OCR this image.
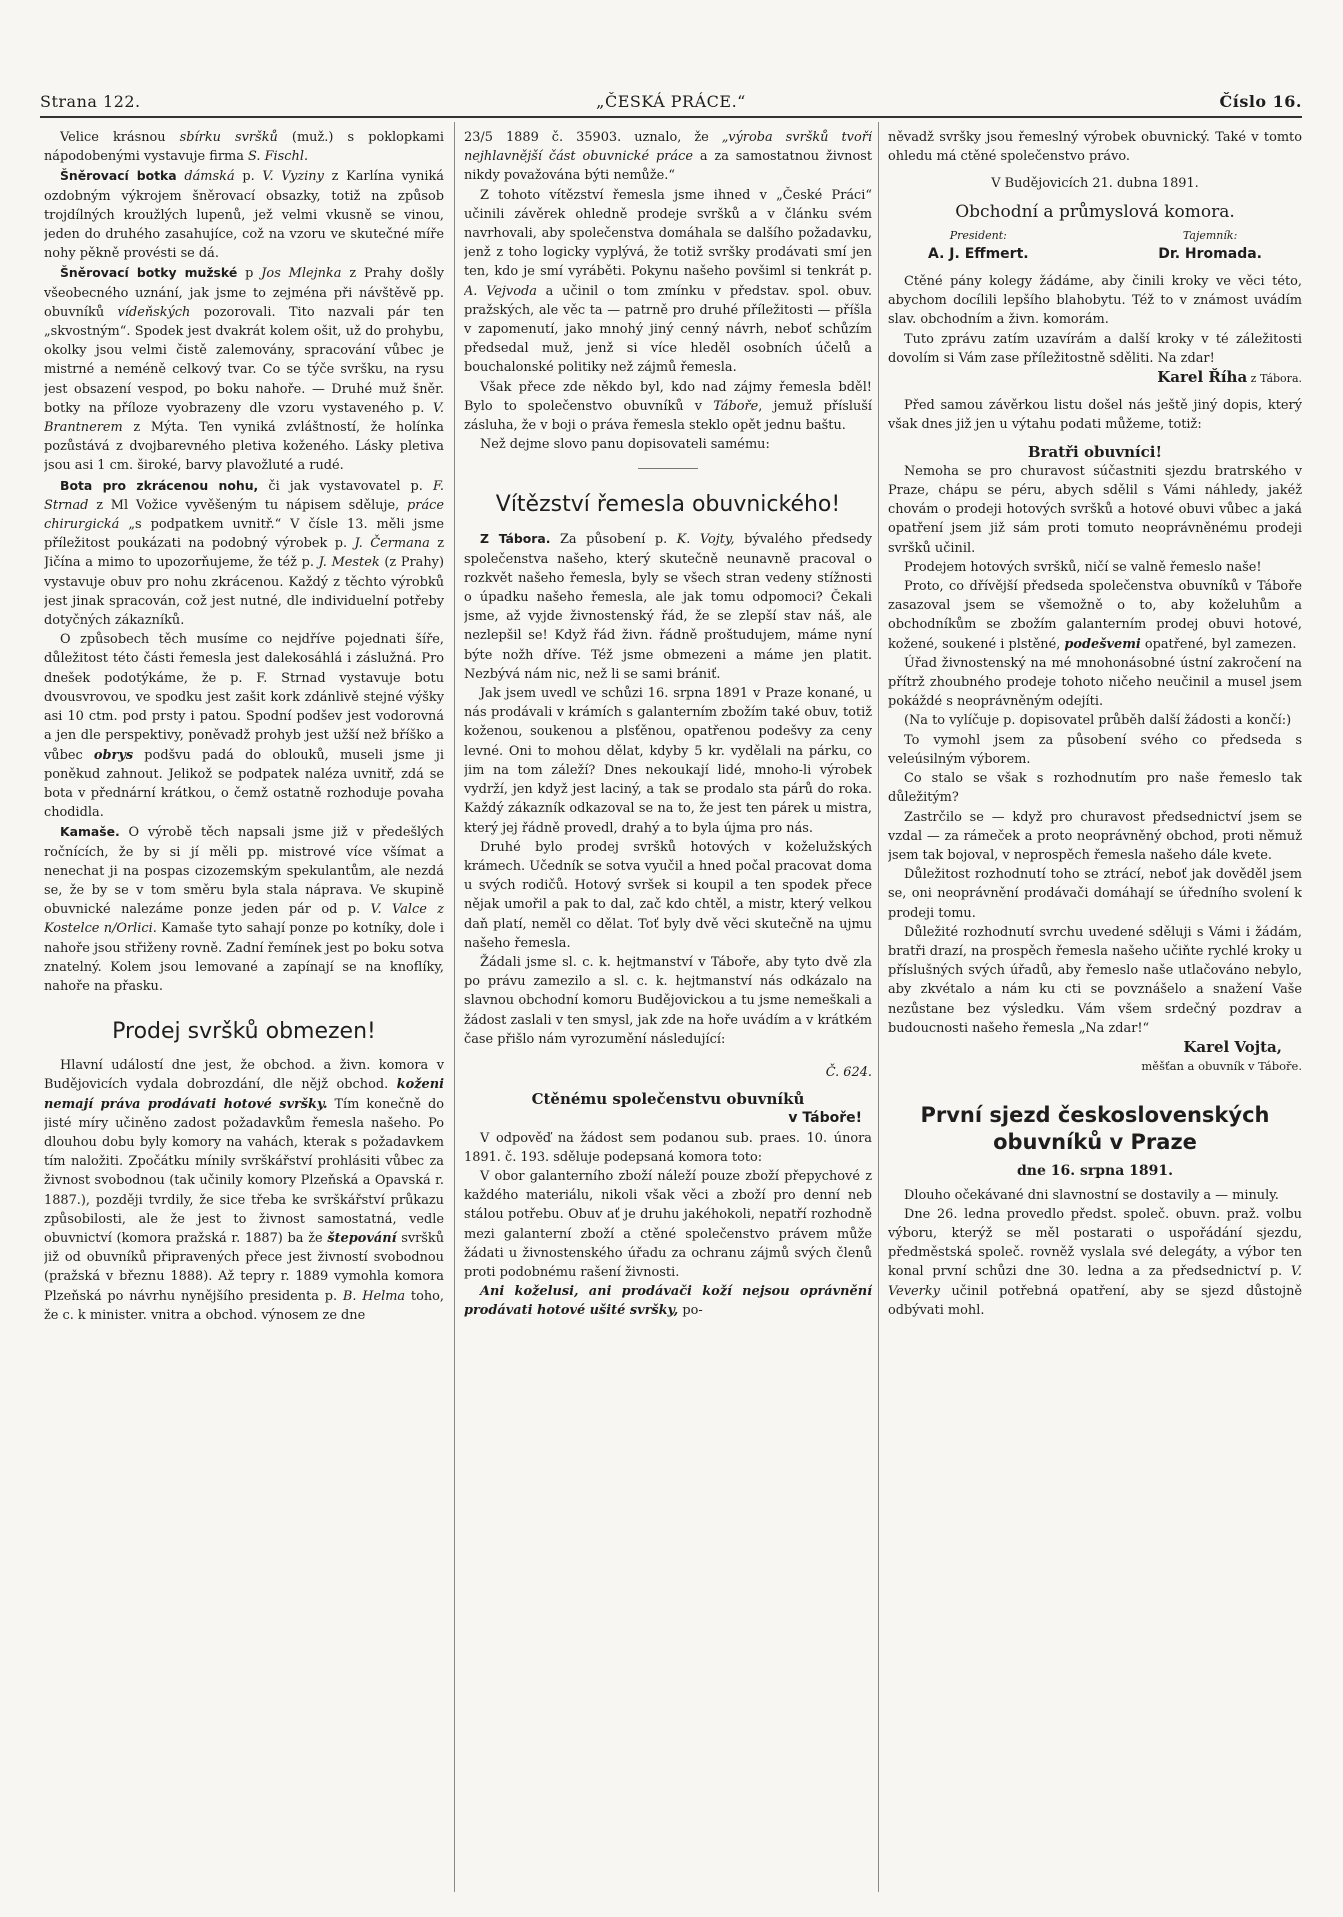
Strana 122.	„ČESKÁ PRÁCE.“	Číslo 16.

Velice krásnou sbírku svršků (muž.) s poklopkami nápodobenými vystavuje firma S. Fischl.

Šněrovací botka dámská p. V. Vyziny z Karlína vyniká ozdobným výkrojem šněrovací obsazky, totiž na způsob trojdílných kroužlých lupenů, jež velmi vkusně se vinou, jeden do druhého zasahujíce, což na vzoru ve skutečné míře nohy pěkně provésti se dá.

Šněrovací botky mužské p Jos Mlejnka z Prahy došly všeobecného uznání, jak jsme to zejména při návštěvě pp. obuvníků vídeňských pozorovali. Tito nazvali pár ten „skvostným“. Spodek jest dvakrát kolem ošit, už do prohybu, okolky jsou velmi čistě zalemovány, spracování vůbec je mistrné a neméně celkový tvar. Co se týče svršku, na rysu jest obsazení vespod, po boku nahoře. — Druhé muž šněr. botky na příloze vyobrazeny dle vzoru vystaveného p. V. Brantnerem z Mýta. Ten vyniká zvláštností, že holínka pozůstává z dvojbarevného pletiva koženého. Lásky pletiva jsou asi 1 cm. široké, barvy plavožluté a rudé.

Bota pro zkrácenou nohu, či jak vystavovatel p. F. Strnad z Ml Vožice vyvěšeným tu nápisem sděluje, práce chirurgická „s podpatkem uvnitř.“ V čísle 13. měli jsme příležitost poukázati na podobný výrobek p. J. Čermana z Jičína a mimo to upozorňujeme, že též p. J. Mestek (z Prahy) vystavuje obuv pro nohu zkrácenou. Každý z těchto výrobků jest jinak spracován, což jest nutné, dle individuelní potřeby dotyčných zákazníků.

O způsobech těch musíme co nejdříve pojednati šíře, důležitost této části řemesla jest dalekosáhlá i záslužná. Pro dnešek podotýkáme, že p. F. Strnad vystavuje botu dvousvrovou, ve spodku jest zašit kork zdánlivě stejné výšky asi 10 ctm. pod prsty i patou. Spodní podšev jest vodorovná a jen dle perspektivy, poněvadž prohyb jest užší než bříško a vůbec obrys podšvu padá do oblouků, museli jsme ji poněkud zahnout. Jelikož se podpatek naléza uvnitř, zdá se bota v přednární krátkou, o čemž ostatně rozhoduje povaha chodidla.

Kamaše. O výrobě těch napsali jsme již v předešlých ročnících, že by si jí měli pp. mistrové více všímat a nenechat ji na pospas cizozemským spekulantům, ale nezdá se, že by se v tom směru byla stala náprava. Ve skupině obuvnické nalezáme ponze jeden pár od p. V. Valce z Kostelce n/Orlici. Kamaše tyto sahají ponze po kotníky, dole i nahoře jsou střiženy rovně. Zadní řemínek jest po boku sotva znatelný. Kolem jsou lemované a zapínají se na knoflíky, nahoře na přasku.

Prodej svršků obmezen!

Hlavní událostí dne jest, že obchod. a živn. komora v Budějovicích vydala dobrozdání, dle nějž obchod. koženi nemají práva prodávati hotové svršky. Tím konečně do jisté míry učiněno zadost požadavkům řemesla našeho. Po dlouhou dobu byly komory na vahách, kterak s požadavkem tím naložiti. Zpočátku mínily svrškářství prohlásiti vůbec za živnost svobodnou (tak učinily komory Plzeňská a Opavská r. 1887.), později tvrdily, že sice třeba ke svrškářství průkazu způsobilosti, ale že jest to živnost samostatná, vedle obuvnictví (komora pražská r. 1887) ba že štepování svršků již od obuvníků připravených přece jest živností svobodnou (pražská v březnu 1888). Až tepry r. 1889 vymohla komora Plzeňská po návrhu nynějšího presidenta p. B. Helma toho, že c. k minister. vnitra a obchod. výnosem ze dne

23/5 1889 č. 35903. uznalo, že „výroba svršků tvoří nejhlavnější část obuvnické práce a za samostatnou živnost nikdy považována býti nemůže.“

Z tohoto vítězství řemesla jsme ihned v „České Práci“ učinili závěrek ohledně prodeje svršků a v článku svém navrhovali, aby společenstva domáhala se dalšího požadavku, jenž z toho logicky vyplývá, že totiž svršky prodávati smí jen ten, kdo je smí vyráběti. Pokynu našeho povšiml si tenkrát p. A. Vejvoda a učinil o tom zmínku v představ. spol. obuv. pražských, ale věc ta — patrně pro druhé příležitosti — příšla v zapomenutí, jako mnohý jiný cenný návrh, neboť schůzím předsedal muž, jenž si více hleděl osobních účelů a bouchalonské politiky než zájmů řemesla.

Však přece zde někdo byl, kdo nad zájmy řemesla bděl! Bylo to společenstvo obuvníků v Táboře, jemuž přísluší zásluha, že v boji o práva řemesla steklo opět jednu baštu.

Než dejme slovo panu dopisovateli samému:

Vítězství řemesla obuvnického!

Z Tábora. Za působení p. K. Vojty, bývalého předsedy společenstva našeho, který skutečně neunavně pracoval o rozkvět našeho řemesla, byly se všech stran vedeny stížnosti o úpadku našeho řemesla, ale jak tomu odpomoci? Čekali jsme, až vyjde živnostenský řád, že se zlepší stav náš, ale nezlepšil se! Když řád živn. řádně proštudujem, máme nyní býte nožh dříve. Též jsme obmezeni a máme jen platit. Nezbývá nám nic, než li se sami brániť.

Jak jsem uvedl ve schůzi 16. srpna 1891 v Praze konané, u nás prodávali v krámích s galanterním zbožím také obuv, totiž koženou, soukenou a plsťěnou, opatřenou podešvy za ceny levné. Oni to mohou dělat, kdyby 5 kr. vydělali na párku, co jim na tom záleží? Dnes nekoukají lidé, mnoho-li výrobek vydrží, jen když jest laciný, a tak se prodalo sta párů do roka. Každý zákazník odkazoval se na to, že jest ten párek u mistra, který jej řádně provedl, drahý a to byla újma pro nás.

Druhé bylo prodej svršků hotových v koželužských krámech. Učedník se sotva vyučil a hned počal pracovat doma u svých rodičů. Hotový svršek si koupil a ten spodek přece nějak umořil a pak to dal, zač kdo chtěl, a mistr, který velkou daň platí, neměl co dělat. Toť byly dvě věci skutečně na ujmu našeho řemesla.

Žádali jsme sl. c. k. hejtmanství v Táboře, aby tyto dvě zla po právu zamezilo a sl. c. k. hejtmanství nás odkázalo na slavnou obchodní komoru Budějovickou a tu jsme nemeškali a žádost zaslali v ten smysl, jak zde na hoře uvádím a v krátkém čase přišlo nám vyrozumění následující:

Č. 624.

Ctěnému společenstvu obuvníků

v Táboře!

V odpověď na žádost sem podanou sub. praes. 10. února 1891. č. 193. sděluje podepsaná komora toto:

V obor galanterního zboží náleží pouze zboží přepychové z každého materiálu, nikoli však věci a zboží pro denní neb stálou potřebu. Obuv ať je druhu jakéhokoli, nepatří rozhodně mezi galanterní zboží a ctěné společenstvo právem může žádati u živnostenského úřadu za ochranu zájmů svých členů proti podobnému rašení živnosti.

Ani koželusi, ani prodávači koží nejsou oprávnění prodávati hotové ušité svršky, po-

něvadž svršky jsou řemeslný výrobek obuvnický. Také v tomto ohledu má ctěné společenstvo právo.

V Budějovicích 21. dubna 1891.

Obchodní a průmyslová komora.

President:
A. J. Effmert.
Tajemník:
Dr. Hromada.

Ctěné pány kolegy žádáme, aby činili kroky ve věci této, abychom docílili lepšího blahobytu. Též to v známost uvádím slav. obchodním a živn. komorám.

Tuto zprávu zatím uzavírám a další kroky v té záležitosti dovolím si Vám zase příležitostně sděliti. Na zdar!

Karel Říha z Tábora.

Před samou závěrkou listu došel nás ještě jiný dopis, který však dnes již jen u výtahu podati můžeme, totiž:

Bratři obuvníci!

Nemoha se pro churavost súčastniti sjezdu bratrského v Praze, chápu se péru, abych sdělil s Vámi náhledy, jakéž chovám o prodeji hotových svršků a hotové obuvi vůbec a jaká opatření jsem již sám proti tomuto neoprávněnému prodeji svršků učinil.

Prodejem hotových svršků, ničí se valně řemeslo naše!

Proto, co dřívější předseda společenstva obuvníků v Táboře zasazoval jsem se všemožně o to, aby koželuhům a obchodníkům se zbožím galanterním prodej obuvi hotové, kožené, soukené i plstěné, podešvemi opatřené, byl zamezen.

Úřad živnostenský na mé mnohonásobné ústní zakročení na přítrž zhoubného prodeje tohoto ničeho neučinil a musel jsem pokáždé s neoprávněným odejíti.

(Na to vylíčuje p. dopisovatel průběh další žádosti a končí:)

To vymohl jsem za působení svého co předseda s veleúsilným výborem.

Co stalo se však s rozhodnutím pro naše řemeslo tak důležitým?

Zastrčilo se — když pro churavost předsednictví jsem se vzdal — za rámeček a proto neoprávněný obchod, proti němuž jsem tak bojoval, v neprospěch řemesla našeho dále kvete.

Důležitost rozhodnutí toho se ztrácí, neboť jak dověděl jsem se, oni neoprávnění prodávači domáhají se úředního svolení k prodeji tomu.

Důležité rozhodnutí svrchu uvedené sděluji s Vámi i žádám, bratři drazí, na prospěch řemesla našeho učiňte rychlé kroky u příslušných svých úřadů, aby řemeslo naše utlačováno nebylo, aby zkvétalo a nám ku cti se povznášelo a snažení Vaše nezůstane bez výsledku. Vám všem srdečný pozdrav a budoucnosti našeho řemesla „Na zdar!“

Karel Vojta,

měšťan a obuvník v Táboře.

První sjezd československých obuvníků v Praze

dne 16. srpna 1891.

Dlouho očekávané dni slavnostní se dostavily a — minuly.

Dne 26. ledna provedlo předst. společ. obuvn. praž. volbu výboru, kterýž se měl postarati o uspořádání sjezdu, předměstská společ. rovněž vyslala své delegáty, a výbor ten konal první schůzi dne 30. ledna a za předsednictví p. V. Veverky učinil potřebná opatření, aby se sjezd důstojně odbývati mohl.
